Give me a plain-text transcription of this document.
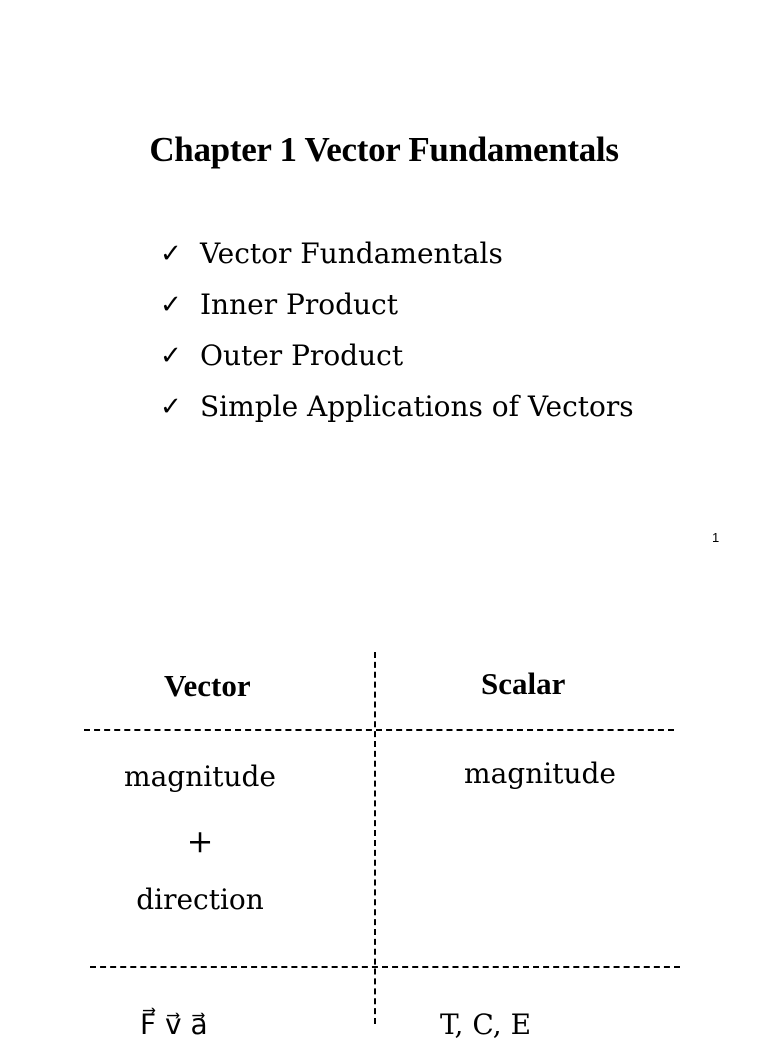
Chapter 1 Vector Fundamentals
✓ Vector Fundamentals
✓ Inner Product
✓ Outer Product
✓ Simple Applications of Vectors
1
Vector	Scalar
magnitude
+
direction
magnitude
F⃗ v⃗ a⃗	T, C, E
